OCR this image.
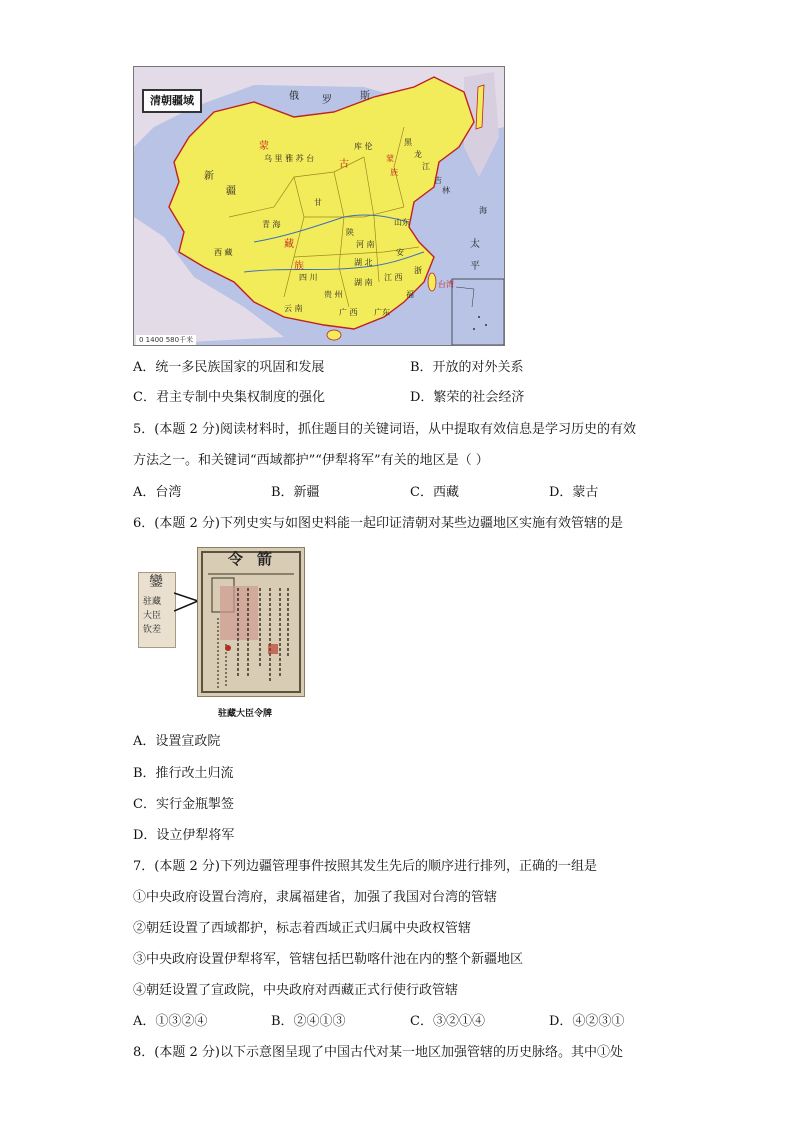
清朝疆域	俄 罗	斯
黑
龙
江
吉
林
蒙
古
乌 里 雅 苏 台
库 伦
蒙
族
新
疆
甘
青 海
西 藏
藏
族
四 川
陕
河 南
山东
安
湖 北
湖 南
江 西
浙
福
广东
广 西
贵 州
云 南
台湾
海
太
平
0 1400 580千米
A．统一多民族国家的巩固和发展	B．开放的对外关系
C．君主专制中央集权制度的强化	D．繁荣的社会经济
5．(本题 2 分)阅读材料时，抓住题目的关键词语，从中提取有效信息是学习历史的有效
方法之一。和关键词“西域都护”“伊犁将军”有关的地区是（ ）
A．台湾	B．新疆	C．西藏	D．蒙古
6．(本题 2 分)下列史实与如图史料能一起印证清朝对某些边疆地区实施有效管辖的是
鑾
驻藏
大臣
钦差
令箭
驻藏大臣令牌
A．设置宣政院
B．推行改土归流
C．实行金瓶掣签
D．设立伊犁将军
7．(本题 2 分)下列边疆管理事件按照其发生先后的顺序进行排列，正确的一组是
①中央政府设置台湾府，隶属福建省，加强了我国对台湾的管辖
②朝廷设置了西域都护，标志着西域正式归属中央政权管辖
③中央政府设置伊犁将军，管辖包括巴勒喀什池在内的整个新疆地区
④朝廷设置了宣政院，中央政府对西藏正式行使行政管辖
A．①③②④	B．②④①③	C．③②①④	D．④②③①
8．(本题 2 分)以下示意图呈现了中国古代对某一地区加强管辖的历史脉络。其中①处
